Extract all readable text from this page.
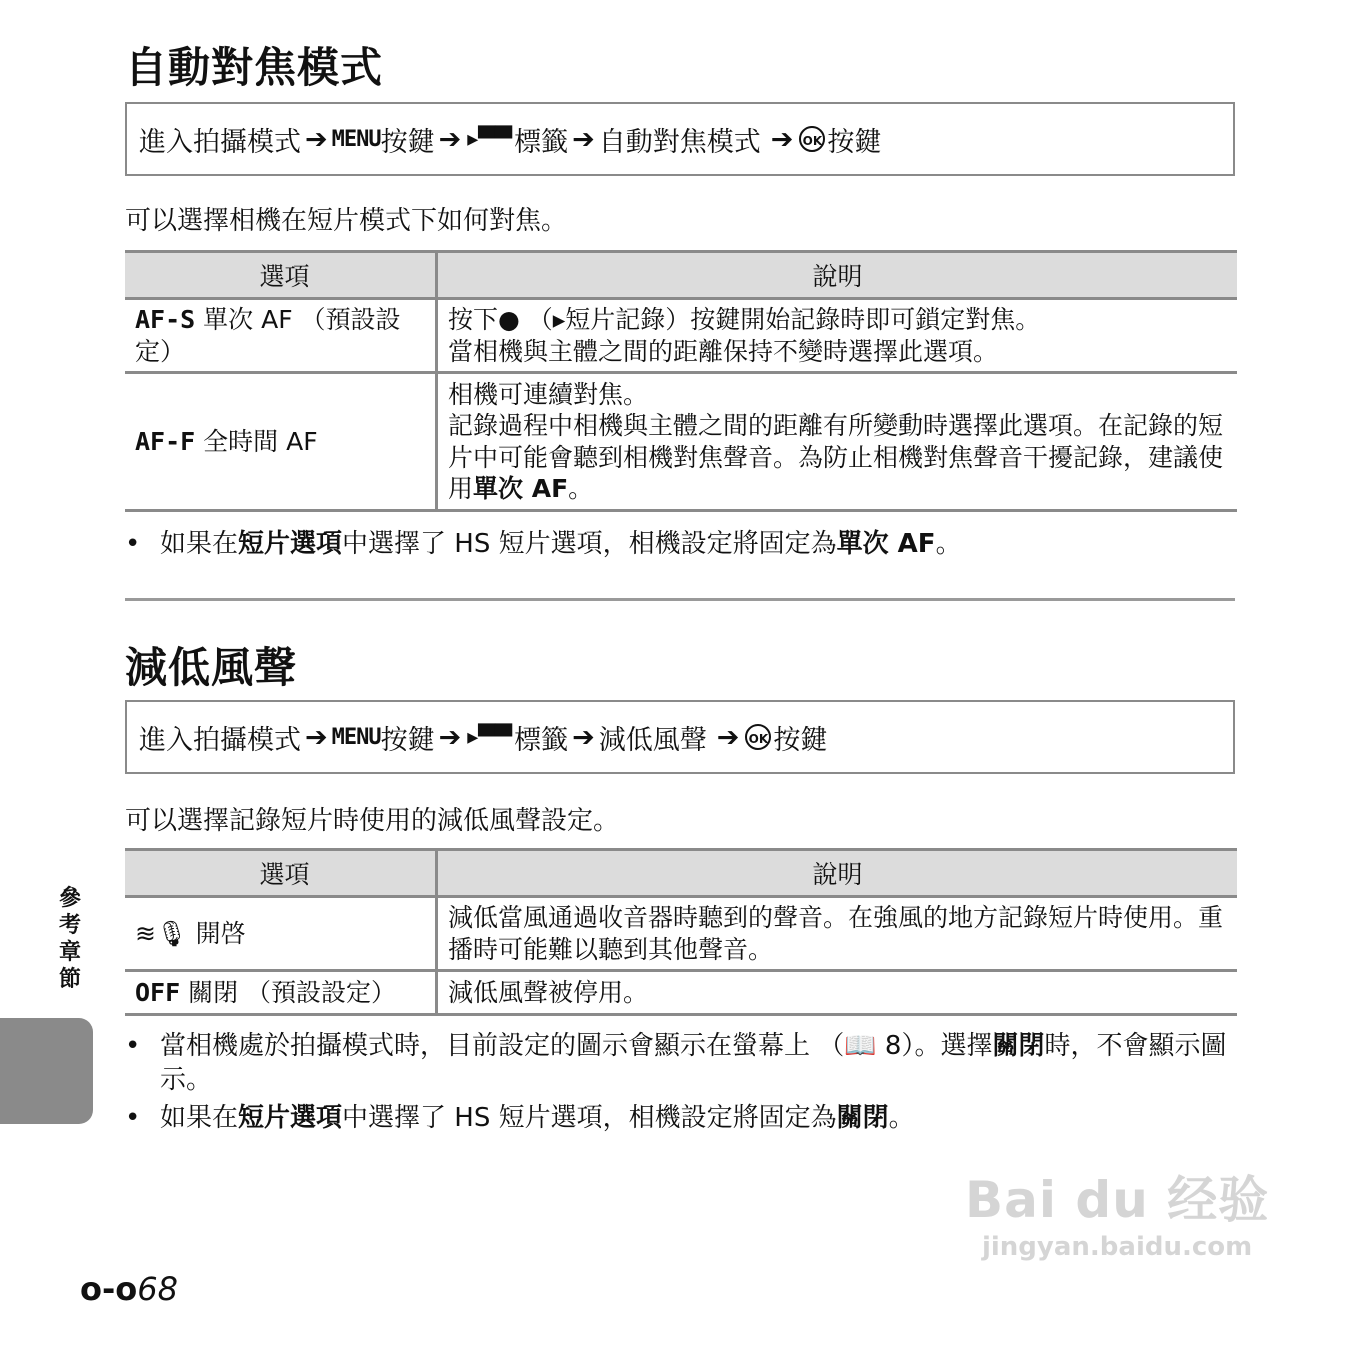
自動對焦模式
進入拍攝模式 ➔ MENU 按鍵 ➔ ▸▀▀ 標籤 ➔ 自動對焦模式 ➔ OK 按鍵
可以選擇相機在短片模式下如何對焦。
選項	說明
AF-S 單次 AF （預設設定）	按下● （▸短片記錄）按鍵開始記錄時即可鎖定對焦。
當相機與主體之間的距離保持不變時選擇此選項。

AF-F 全時間 AF	相機可連續對焦。
記錄過程中相機與主體之間的距離有所變動時選擇此選項。在記錄的短片中可能會聽到相機對焦聲音。為防止相機對焦聲音干擾記錄，建議使用單次 AF。

• 如果在短片選項中選擇了 HS 短片選項，相機設定將固定為單次 AF。

減低風聲
進入拍攝模式 ➔ MENU 按鍵 ➔ ▸▀▀ 標籤 ➔ 減低風聲 ➔ OK 按鍵
可以選擇記錄短片時使用的減低風聲設定。
選項	說明
≋🎙 開啓	減低當風通過收音器時聽到的聲音。在強風的地方記錄短片時使用。重播時可能難以聽到其他聲音。
OFF 關閉 （預設設定）	減低風聲被停用。

• 當相機處於拍攝模式時，目前設定的圖示會顯示在螢幕上 （📖 8）。選擇關閉時，不會顯示圖示。

• 如果在短片選項中選擇了 HS 短片選項，相機設定將固定為關閉。

參考章節
o-o68
Bai du 经验
jingyan.baidu.com
